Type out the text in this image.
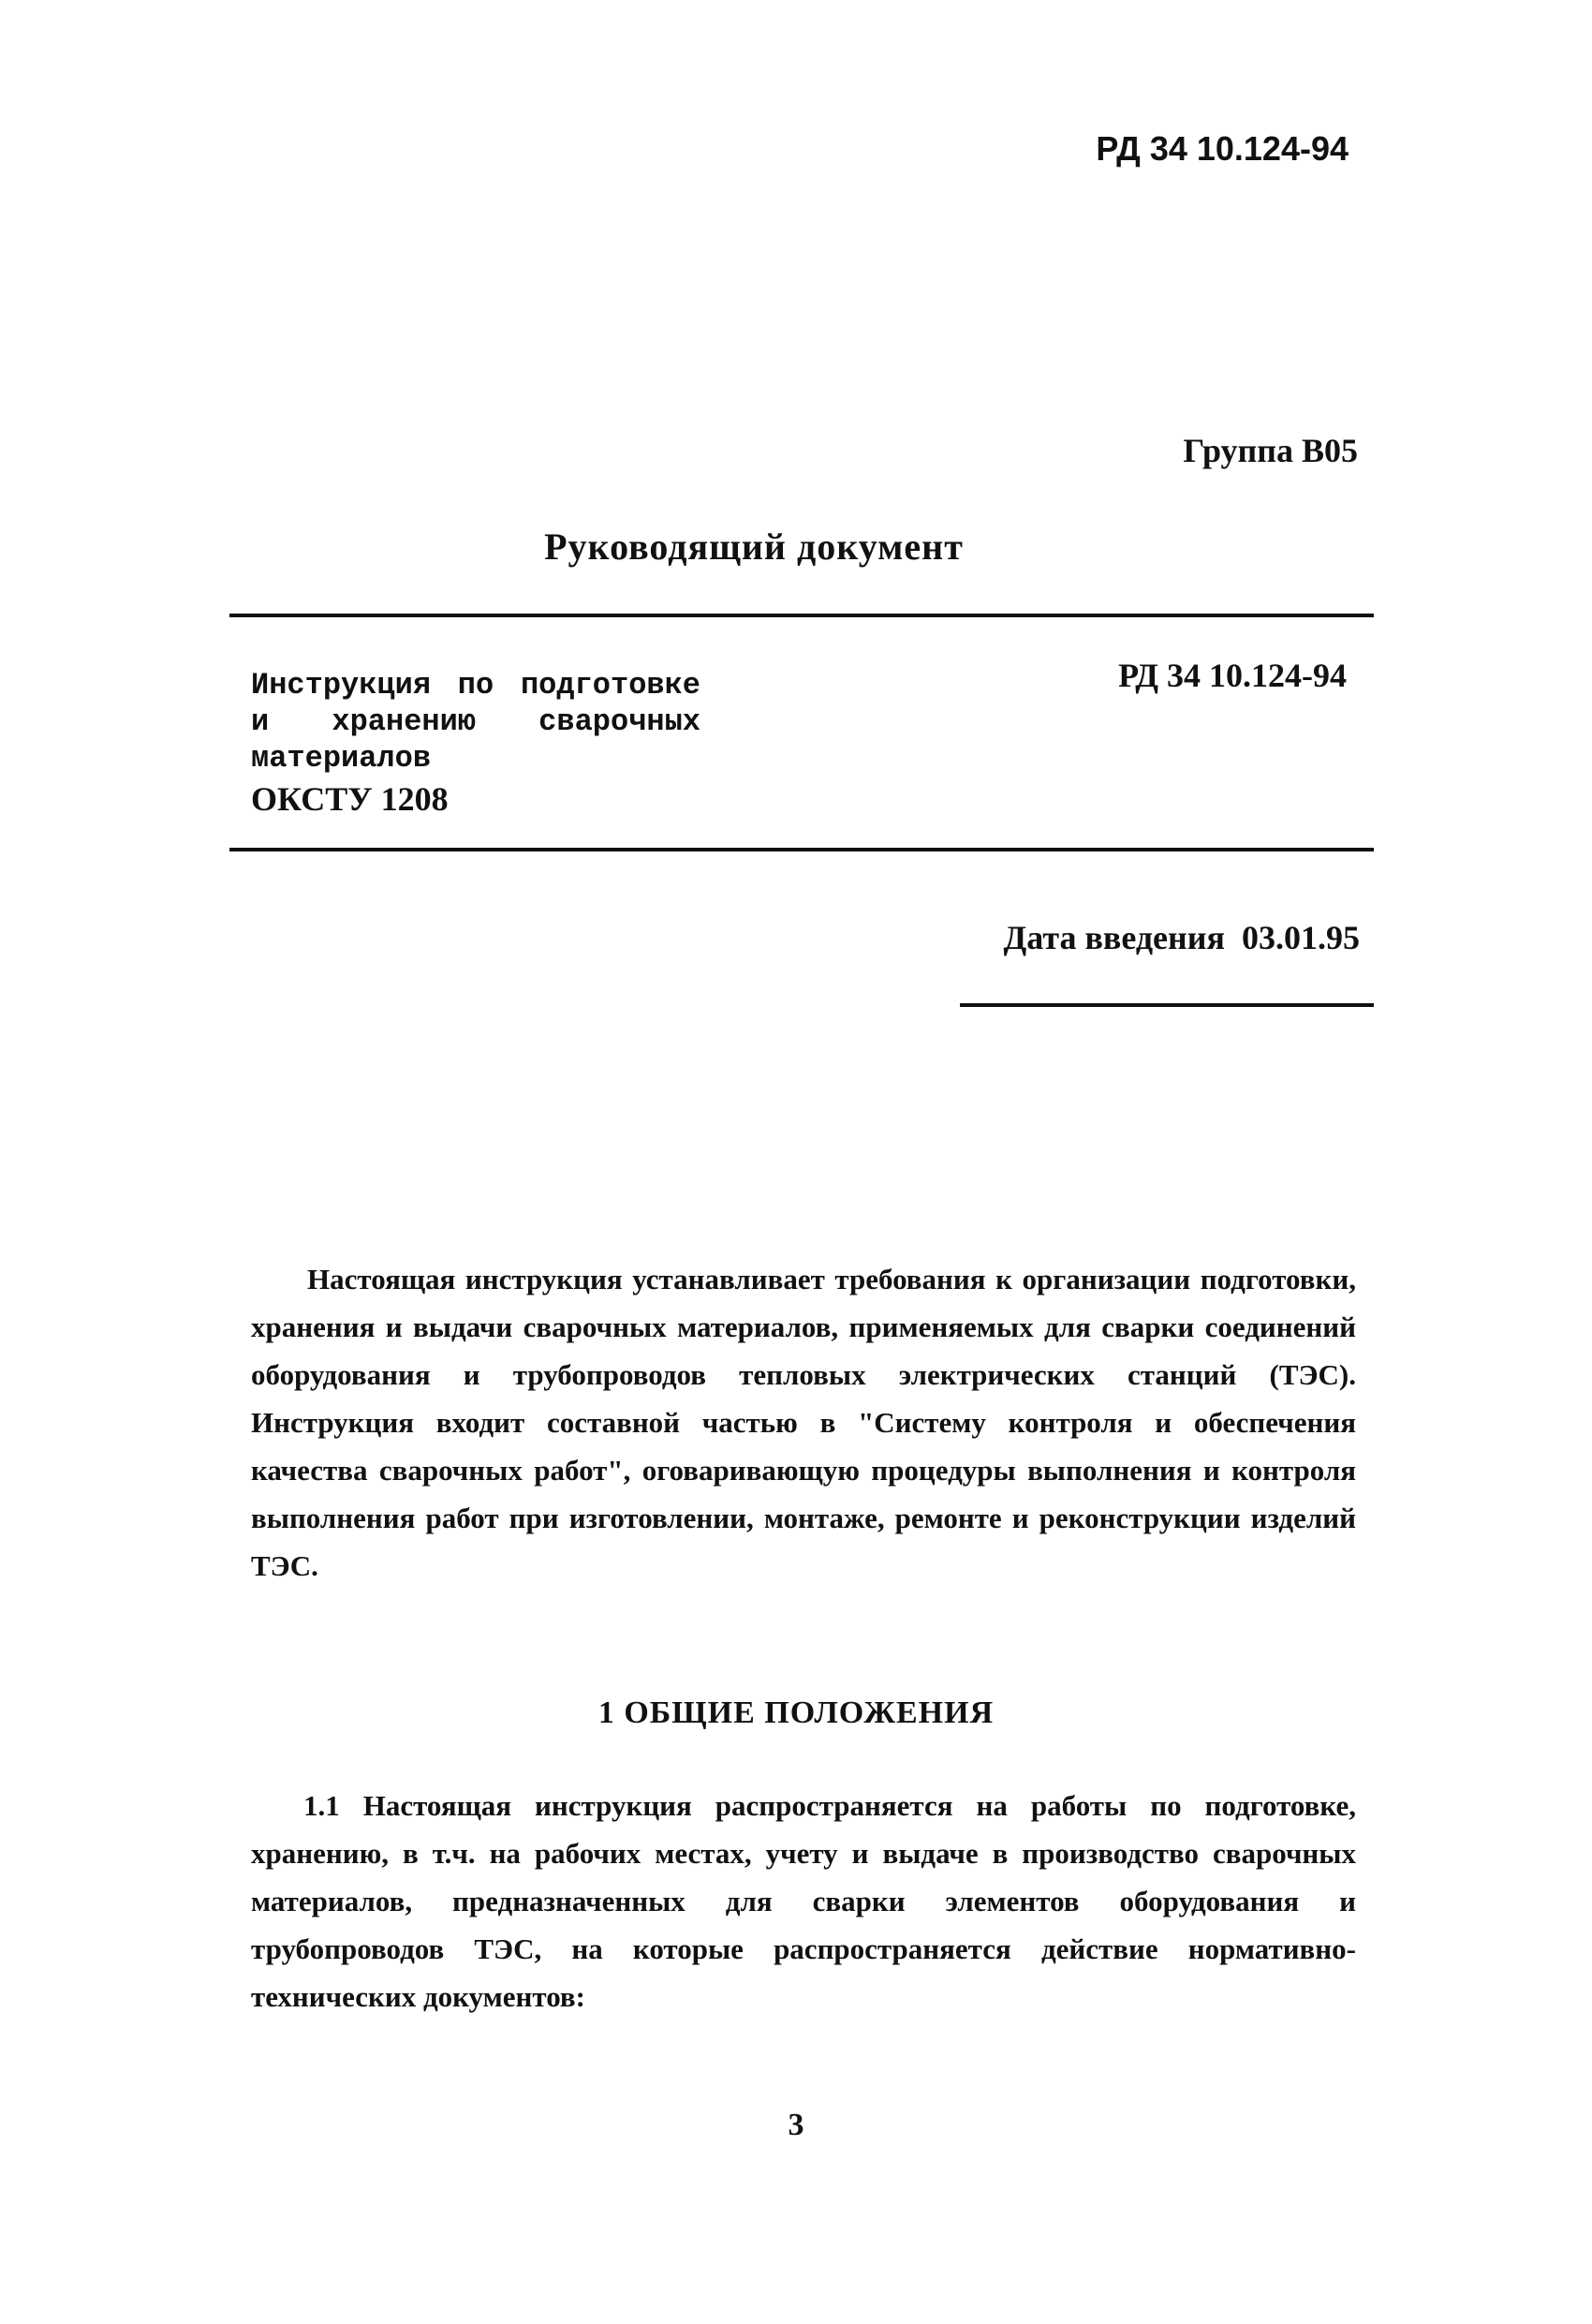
РД 34 10.124-94
Группа В05
Руководящий документ
Инструкция по подготовке
и хранению сварочных
материалов
ОКСТУ 1208
РД 34 10.124-94
Дата введения 03.01.95
Настоящая инструкция устанавливает требования к организации подготовки, хранения и выдачи сварочных материалов, применяемых для сварки соединений оборудования и трубопроводов тепловых электрических станций (ТЭС). Инструкция входит составной частью в "Систему контроля и обеспечения качества сварочных работ", оговаривающую процедуры выполнения и контроля выполнения работ при изготовлении, монтаже, ремонте и реконструкции изделий ТЭС.
1 ОБЩИЕ ПОЛОЖЕНИЯ
1.1 Настоящая инструкция распространяется на работы по подготовке, хранению, в т.ч. на рабочих местах, учету и выдаче в производство сварочных материалов, предназначенных для сварки элементов оборудования и трубопроводов ТЭС, на которые распространяется действие нормативно-технических документов:
3
